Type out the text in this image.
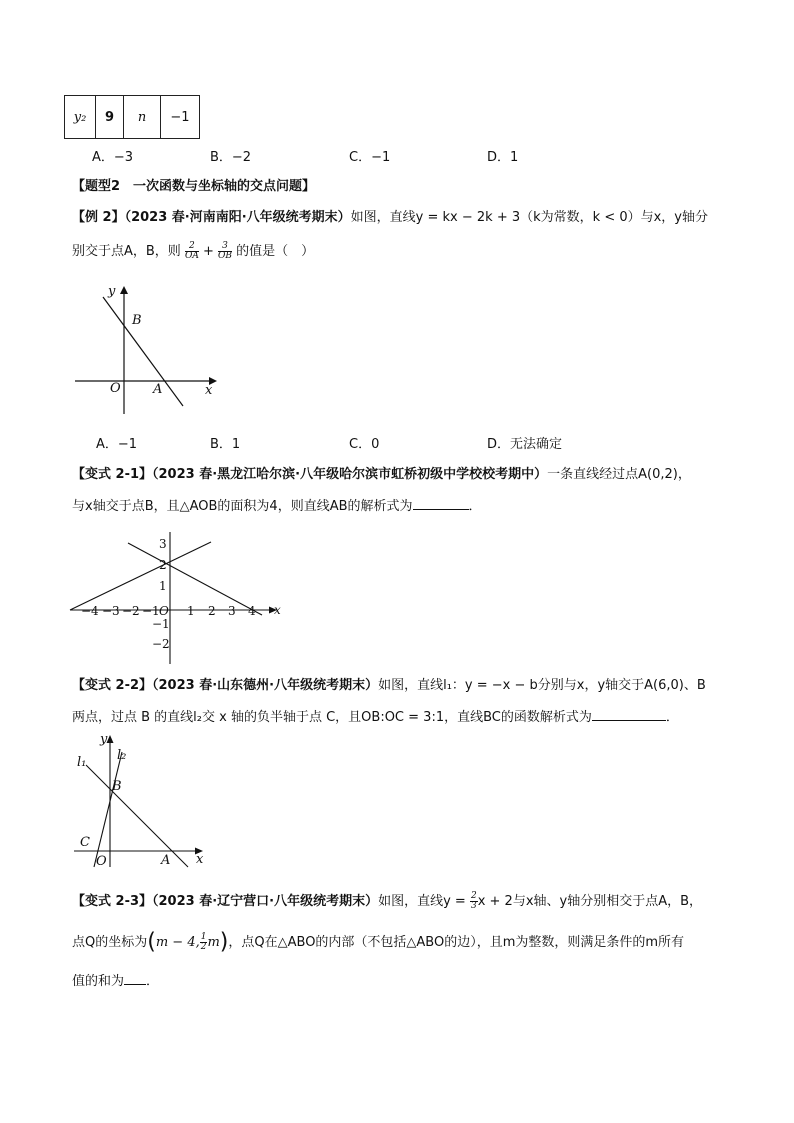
y₂	9	n	−1
A．−3	B．−2	C．−1	D．1
【题型2　一次函数与坐标轴的交点问题】
【例 2】（2023 春·河南南阳·八年级统考期末）如图，直线y = kx − 2k + 3（k为常数，k < 0）与x，y轴分
别交于点A，B，则 $\frac{2}{OA} + \frac{3}{OB}$ 的值是（　）
y
x
O A
B
A．−1	B．1	C．0	D．无法确定
【变式 2-1】（2023 春·黑龙江哈尔滨·八年级哈尔滨市虹桥初级中学校校考期中）一条直线经过点A(0,2)，
与x轴交于点B，且△AOB的面积为4，则直线AB的解析式为	．
x
−4 −3 −2 −1 O 1 2 3 4
3
2
1
−1
−2
【变式 2-2】（2023 春·山东德州·八年级统考期末）如图，直线l₁：y = −x − b分别与x，y轴交于A(6,0)、B
两点，过点 B 的直线l₂交 x 轴的负半轴于点 C，且OB:OC = 3:1，直线BC的函数解析式为	．
y
x
l₁ l₂
B
C
O	A
【变式 2-3】（2023 春·辽宁营口·八年级统考期末）如图，直线$y = \frac{2}{3}$ x + 2与x轴、y轴分别相交于点A，B，
点Q的坐标为(m − 4, $\frac{1}{2} m$)，点Q在△ABO的内部（不包括△ABO的边），且m为整数，则满足条件的m所有
值的和为 ．
